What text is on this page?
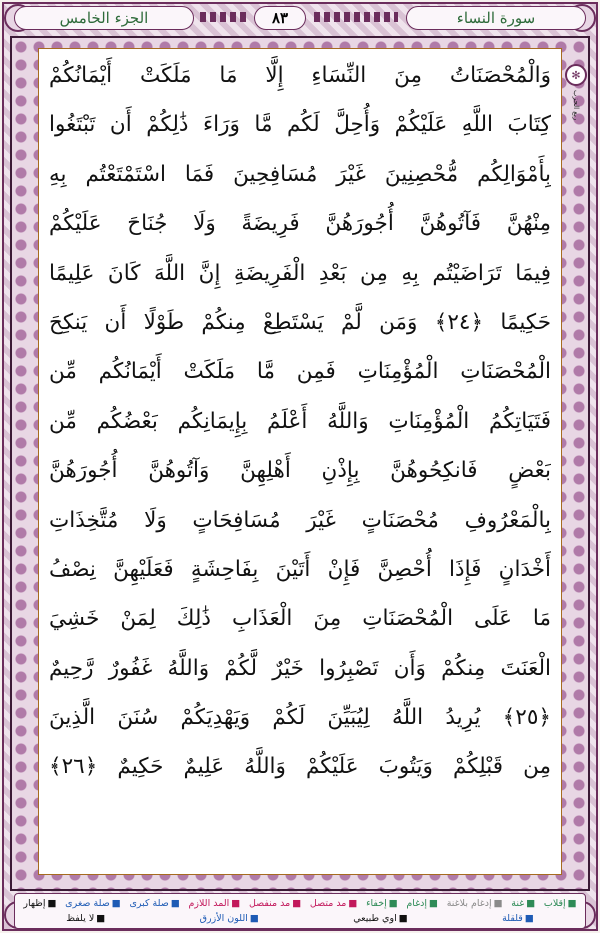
الجزء الخامس	٨٣	سورة النساء
✻
ربع الحزب
وَالْمُحْصَنَاتُ مِنَ النِّسَاءِ إِلَّا مَا مَلَكَتْ أَيْمَانُكُمْ
كِتَابَ اللَّهِ عَلَيْكُمْ وَأُحِلَّ لَكُم مَّا وَرَاءَ ذَٰلِكُمْ أَن تَبْتَغُوا
بِأَمْوَالِكُم مُّحْصِنِينَ غَيْرَ مُسَافِحِينَ فَمَا اسْتَمْتَعْتُم بِهِ
مِنْهُنَّ فَآتُوهُنَّ أُجُورَهُنَّ فَرِيضَةً وَلَا جُنَاحَ عَلَيْكُمْ
فِيمَا تَرَاضَيْتُم بِهِ مِن بَعْدِ الْفَرِيضَةِ إِنَّ اللَّهَ كَانَ عَلِيمًا
حَكِيمًا ﴿٢٤﴾ وَمَن لَّمْ يَسْتَطِعْ مِنكُمْ طَوْلًا أَن يَنكِحَ
الْمُحْصَنَاتِ الْمُؤْمِنَاتِ فَمِن مَّا مَلَكَتْ أَيْمَانُكُم مِّن
فَتَيَاتِكُمُ الْمُؤْمِنَاتِ وَاللَّهُ أَعْلَمُ بِإِيمَانِكُم بَعْضُكُم مِّن
بَعْضٍ فَانكِحُوهُنَّ بِإِذْنِ أَهْلِهِنَّ وَآتُوهُنَّ أُجُورَهُنَّ
بِالْمَعْرُوفِ مُحْصَنَاتٍ غَيْرَ مُسَافِحَاتٍ وَلَا مُتَّخِذَاتِ
أَخْدَانٍ فَإِذَا أُحْصِنَّ فَإِنْ أَتَيْنَ بِفَاحِشَةٍ فَعَلَيْهِنَّ نِصْفُ
مَا عَلَى الْمُحْصَنَاتِ مِنَ الْعَذَابِ ذَٰلِكَ لِمَنْ خَشِيَ
الْعَنَتَ مِنكُمْ وَأَن تَصْبِرُوا خَيْرٌ لَّكُمْ وَاللَّهُ غَفُورٌ رَّحِيمٌ
﴿٢٥﴾ يُرِيدُ اللَّهُ لِيُبَيِّنَ لَكُمْ وَيَهْدِيَكُمْ سُنَنَ الَّذِينَ
مِن قَبْلِكُمْ وَيَتُوبَ عَلَيْكُمْ وَاللَّهُ عَلِيمٌ حَكِيمٌ ﴿٢٦﴾
■إقلاب
■غنة
■إدغام بلاغنة
■إدغام
■إخفاء
■مد متصل
■مد منفصل
■المد اللازم
■صلة كبرى
■صلة صغرى
■إظهار
■قلقلة
■اوي طبيعي
■اللون الأزرق
■لا يلفظ
